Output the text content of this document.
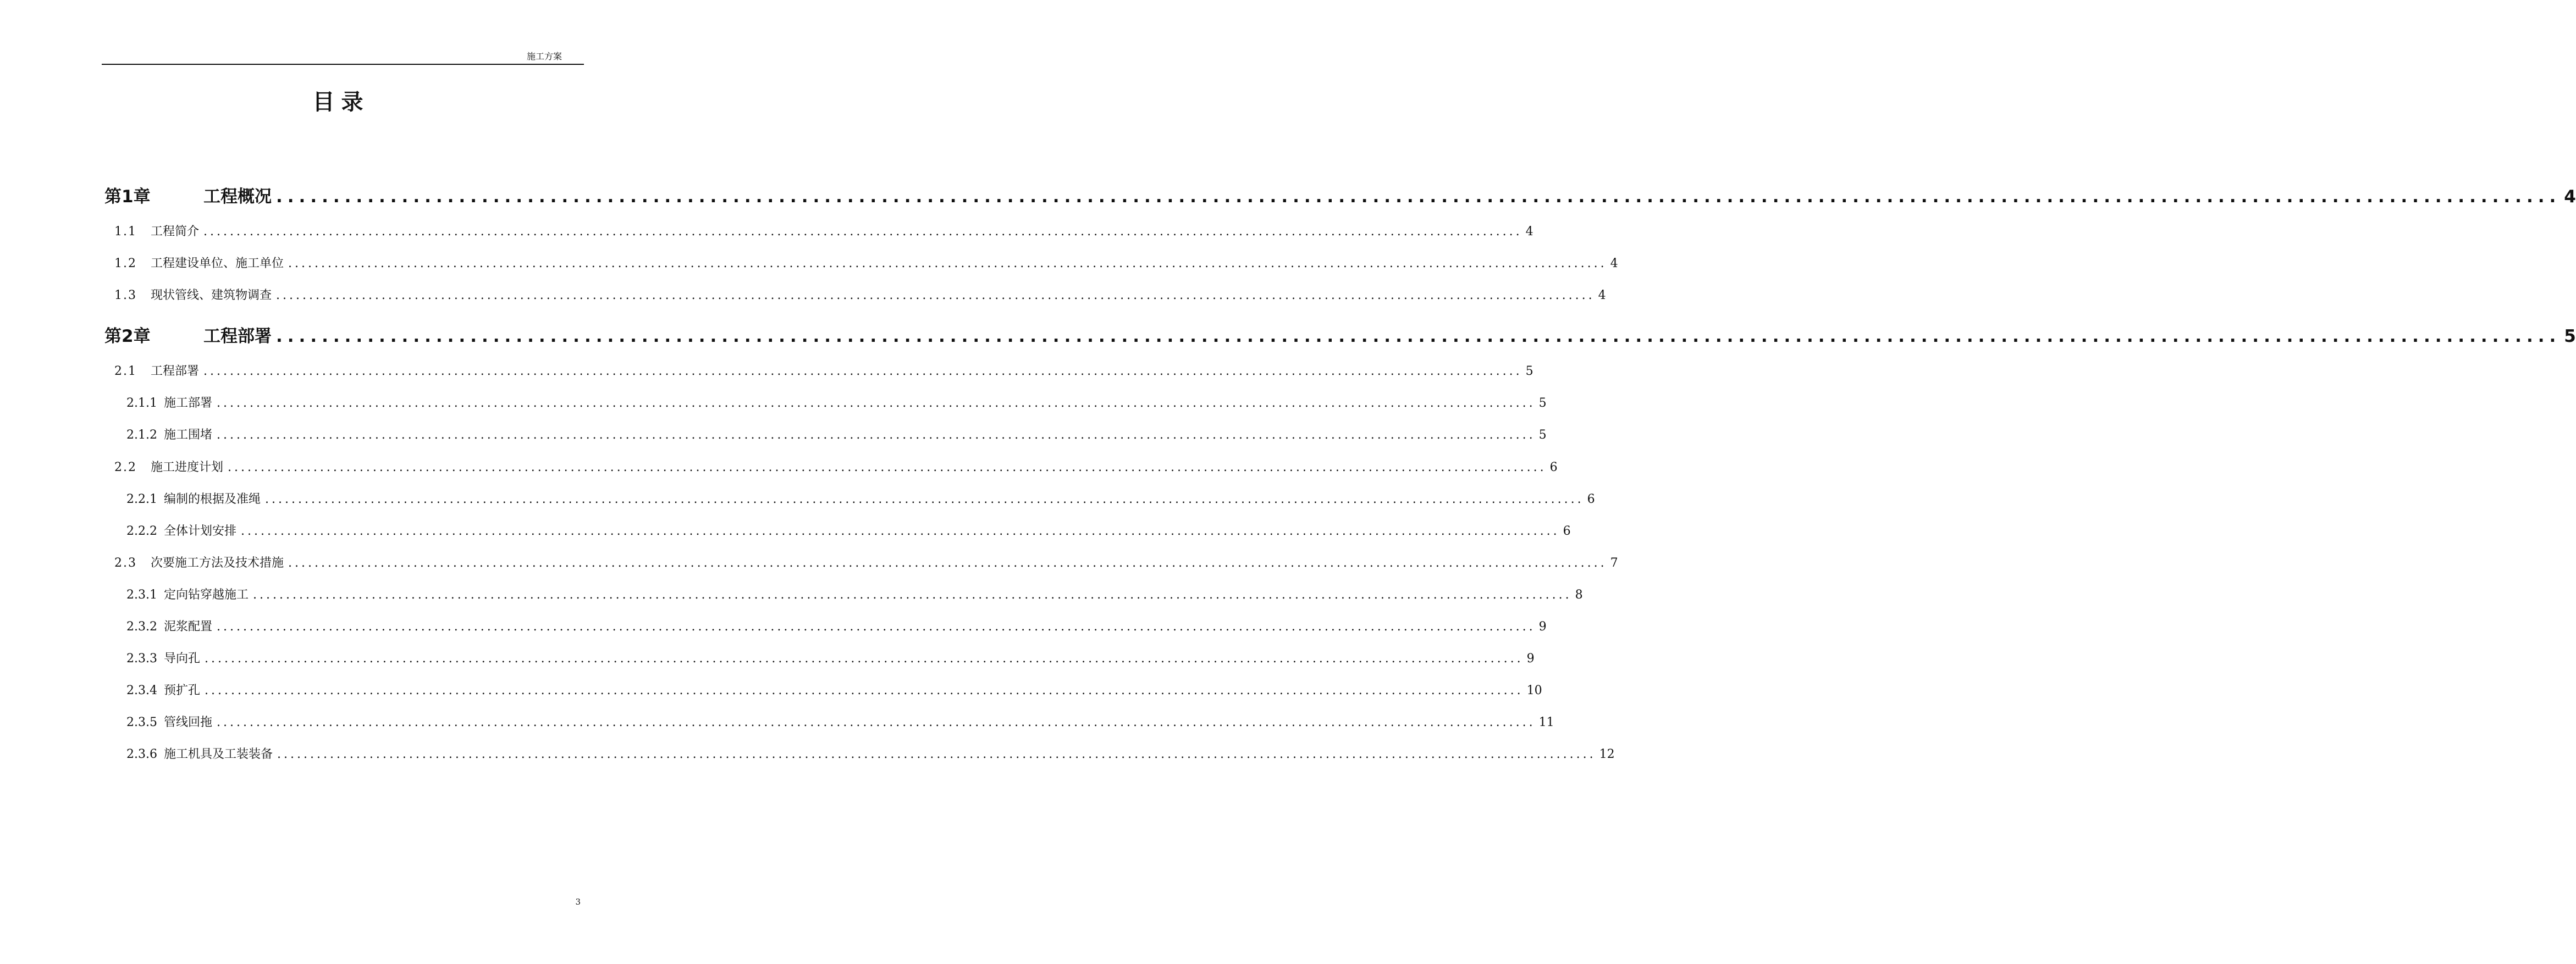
施工方案
目录
第1章	工程概况 ........................................................................................................................................................................................................ 4
1.1 工程简介 ........................................................................................................................................................................................................ 4
1.2 工程建设单位、施工单位 ........................................................................................................................................................................................................ 4
1.3 现状管线、建筑物调查 ........................................................................................................................................................................................................ 4
第2章	工程部署 ........................................................................................................................................................................................................ 5
2.1 工程部署 ........................................................................................................................................................................................................ 5
2.1.1 施工部署 ........................................................................................................................................................................................................ 5
2.1.2 施工围堵 ........................................................................................................................................................................................................ 5
2.2 施工进度计划 ........................................................................................................................................................................................................ 6
2.2.1 编制的根据及准绳 ........................................................................................................................................................................................................ 6
2.2.2 全体计划安排 ........................................................................................................................................................................................................ 6
2.3 次要施工方法及技术措施 ........................................................................................................................................................................................................ 7
2.3.1 定向钻穿越施工 ........................................................................................................................................................................................................ 8
2.3.2 泥浆配置 ........................................................................................................................................................................................................ 9
2.3.3 导向孔 ........................................................................................................................................................................................................ 9
2.3.4 预扩孔 ........................................................................................................................................................................................................ 10
2.3.5 管线回拖 ........................................................................................................................................................................................................ 11
2.3.6 施工机具及工装装备 ........................................................................................................................................................................................................ 12
3
